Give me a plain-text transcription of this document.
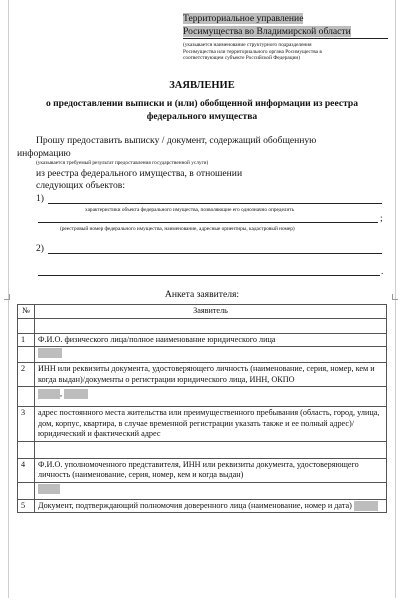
Территориальное управление
Росимущества во Владимирской области
(указывается наименование структурного подразделения
Росимущества или территориального органа Росимущества в
соответствующем субъекте Российской Федерации)
ЗАЯВЛЕНИЕ
о предоставлении выписки и (или) обобщенной информации из реестра
федерального имущества
Прошу предоставить выписку / документ, содержащий обобщенную
информацию
(указывается требуемый результат предоставления государственной услуги)
из реестра федерального имущества, в отношении
следующих объектов:
1)
характеристики объекта федерального имущества, позволяющие его однозначно определить
;
(реестровый номер федерального имущества, наименование, адресные ориентиры, кадастровый номер)
2)
.
Анкета заявителя:
№	Заявитель

1	Ф.И.О. физического лица/полное наименование юридического лица

2	ИНН или реквизиты документа, удостоверяющего личность (наименование, серия, номер, кем и когда выдан)/документы о регистрации юридического лица, ИНН, ОКПО
	,
3	адрес постоянного места жительства или преимущественного пребывания (область, город, улица, дом, корпус, квартира, в случае временной регистрации указать также и ее полный адрес)/юридический и фактический адрес

4	Ф.И.О. уполномоченного представителя, ИНН или реквизиты документа, удостоверяющего личность (наименование, серия, номер, кем и когда выдан)

5	Документ, подтверждающий полномочия доверенного лица (наименование, номер и дата)
